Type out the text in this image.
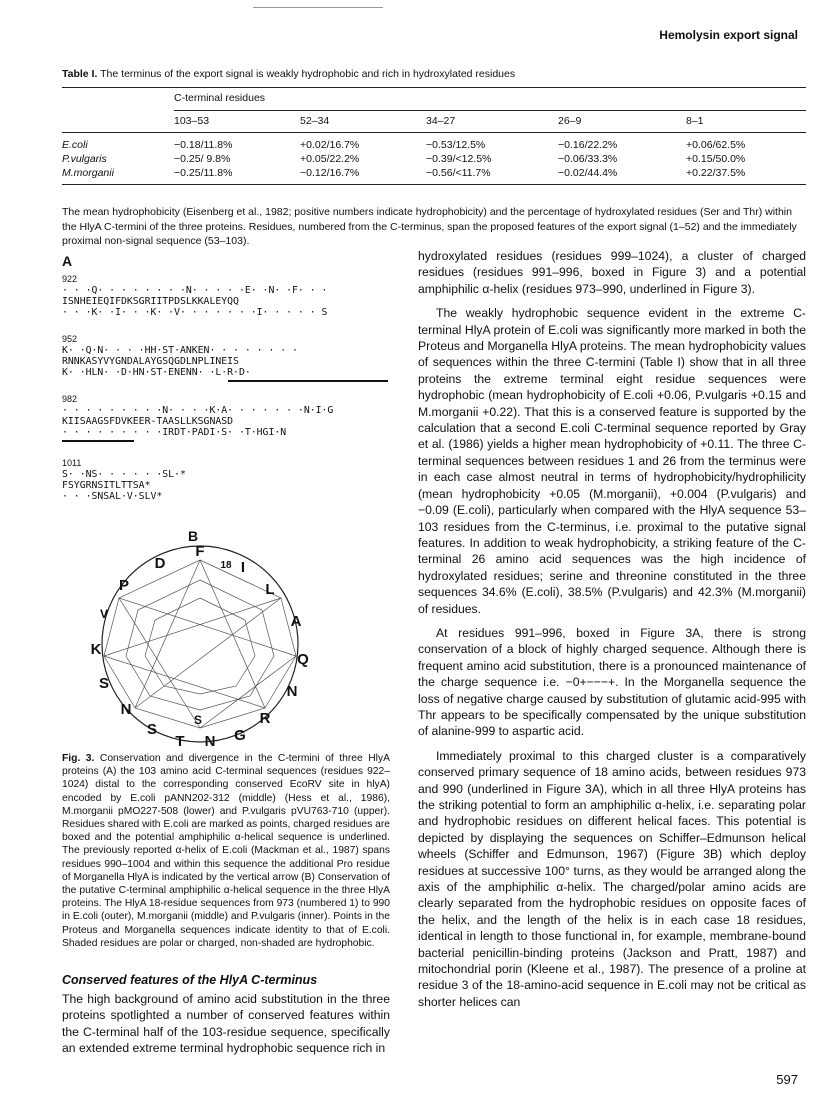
Hemolysin export signal
Table I. The terminus of the export signal is weakly hydrophobic and rich in hydroxylated residues
	C-terminal residues				
	103–53	52–34	34–27	26–9	8–1

E.coli	−0.18/11.8%	+0.02/16.7%	−0.53/12.5%	−0.16/22.2%	+0.06/62.5%
P.vulgaris	−0.25/ 9.8%	+0.05/22.2%	−0.39/<12.5%	−0.06/33.3%	+0.15/50.0%
M.morganii	−0.25/11.8%	−0.12/16.7%	−0.56/<11.7%	−0.02/44.4%	+0.22/37.5%
The mean hydrophobicity (Eisenberg et al., 1982; positive numbers indicate hydrophobicity) and the percentage of hydroxylated residues (Ser and Thr) within the HlyA C-termini of the three proteins. Residues, numbered from the C-terminus, span the proposed features of the export signal (1–52) and the immediately proximal non-signal sequence (53–103).
A
922
· · ·Q· · · · · · · ·N· · · · ·E· ·N· ·F· · ·
ISNHEIEQIFDKSGRIITPDSLKKALEYQQ
· · ·K· ·I· · ·K· ·V· · · · · · ·I· · · · · S
952
K· ·Q·N· · · ·HH·ST·ANKEN· · · · · · · ·
RNNKASYVYGNDALAYGSQGDLNPLINEIS
K· ·HLN· ·D·HN·ST·ENENN· ·L·R·D·
982
· · · · · · · · ·N· · · ·K·A· · · · · · ·N·I·G
KIISAAGSFDVKEER-TAASLLKSGNASD
· · · · · · · · ·IRDT·PADI·S· ·T·HGI·N
1011
S· ·NS· · · · · ·SL·*
FSYGRNSITLTTSA*
· · ·SNSAL·V·SLV*
B
F
18 I
L
A
Q
N
R
G
N
S
T
S
N
S
K
V
P
D
Fig. 3. Conservation and divergence in the C-termini of three HlyA proteins (A) the 103 amino acid C-terminal sequences (residues 922–1024) distal to the corresponding conserved EcoRV site in hlyA) encoded by E.coli pANN202-312 (middle) (Hess et al., 1986), M.morganii pMO227-508 (lower) and P.vulgaris pVU763-710 (upper). Residues shared with E.coli are marked as points, charged residues are boxed and the potential amphiphilic α-helical sequence is underlined. The previously reported α-helix of E.coli (Mackman et al., 1987) spans residues 990–1004 and within this sequence the additional Pro residue of Morganella HlyA is indicated by the vertical arrow (B) Conservation of the putative C-terminal amphiphilic α-helical sequence in the three HlyA proteins. The HlyA 18-residue sequences from 973 (numbered 1) to 990 in E.coli (outer), M.morganii (middle) and P.vulgaris (inner). Points in the Proteus and Morganella sequences indicate identity to that of E.coli. Shaded residues are polar or charged, non-shaded are hydrophobic.
Conserved features of the HlyA C-terminus
The high background of amino acid substitution in the three proteins spotlighted a number of conserved features within the C-terminal half of the 103-residue sequence, specifically an extended extreme terminal hydrophobic sequence rich in

hydroxylated residues (residues 999–1024), a cluster of charged residues (residues 991–996, boxed in Figure 3) and a potential amphiphilic α-helix (residues 973–990, underlined in Figure 3).

The weakly hydrophobic sequence evident in the extreme C-terminal HlyA protein of E.coli was significantly more marked in both the Proteus and Morganella HlyA proteins. The mean hydrophobicity values of sequences within the three C-termini (Table I) show that in all three proteins the extreme terminal eight residue sequences were hydrophobic (mean hydrophobicity of E.coli +0.06, P.vulgaris +0.15 and M.morganii +0.22). That this is a conserved feature is supported by the calculation that a second E.coli C-terminal sequence reported by Gray et al. (1986) yields a higher mean hydrophobicity of +0.11. The three C-terminal sequences between residues 1 and 26 from the terminus were in each case almost neutral in terms of hydrophobicity/hydrophilicity (mean hydrophobicity +0.05 (M.morganii), +0.004 (P.vulgaris) and −0.09 (E.coli), particularly when compared with the HlyA sequence 53–103 residues from the C-terminus, i.e. proximal to the putative signal features. In addition to weak hydrophobicity, a striking feature of the C-terminal 26 amino acid sequences was the high incidence of hydroxylated residues; serine and threonine constituted in the three sequences 34.6% (E.coli), 38.5% (P.vulgaris) and 42.3% (M.morganii) of residues.

At residues 991–996, boxed in Figure 3A, there is strong conservation of a block of highly charged sequence. Although there is frequent amino acid substitution, there is a pronounced maintenance of the charge sequence i.e. −0+−−−+. In the Morganella sequence the loss of negative charge caused by substitution of glutamic acid-995 with Thr appears to be specifically compensated by the unique substitution of alanine-999 to aspartic acid.

Immediately proximal to this charged cluster is a comparatively conserved primary sequence of 18 amino acids, between residues 973 and 990 (underlined in Figure 3A), which in all three HlyA proteins has the striking potential to form an amphiphilic α-helix, i.e. separating polar and hydrophobic residues on different helical faces. This potential is depicted by displaying the sequences on Schiffer–Edmunson helical wheels (Schiffer and Edmunson, 1967) (Figure 3B) which deploy residues at successive 100° turns, as they would be arranged along the axis of the amphiphilic α-helix. The charged/polar amino acids are clearly separated from the hydrophobic residues on opposite faces of the helix, and the length of the helix is in each case 18 residues, identical in length to those functional in, for example, membrane-bound bacterial penicillin-binding proteins (Jackson and Pratt, 1987) and mitochondrial porin (Kleene et al., 1987). The presence of a proline at residue 3 of the 18-amino-acid sequence in E.coli may not be critical as shorter helices can

597
